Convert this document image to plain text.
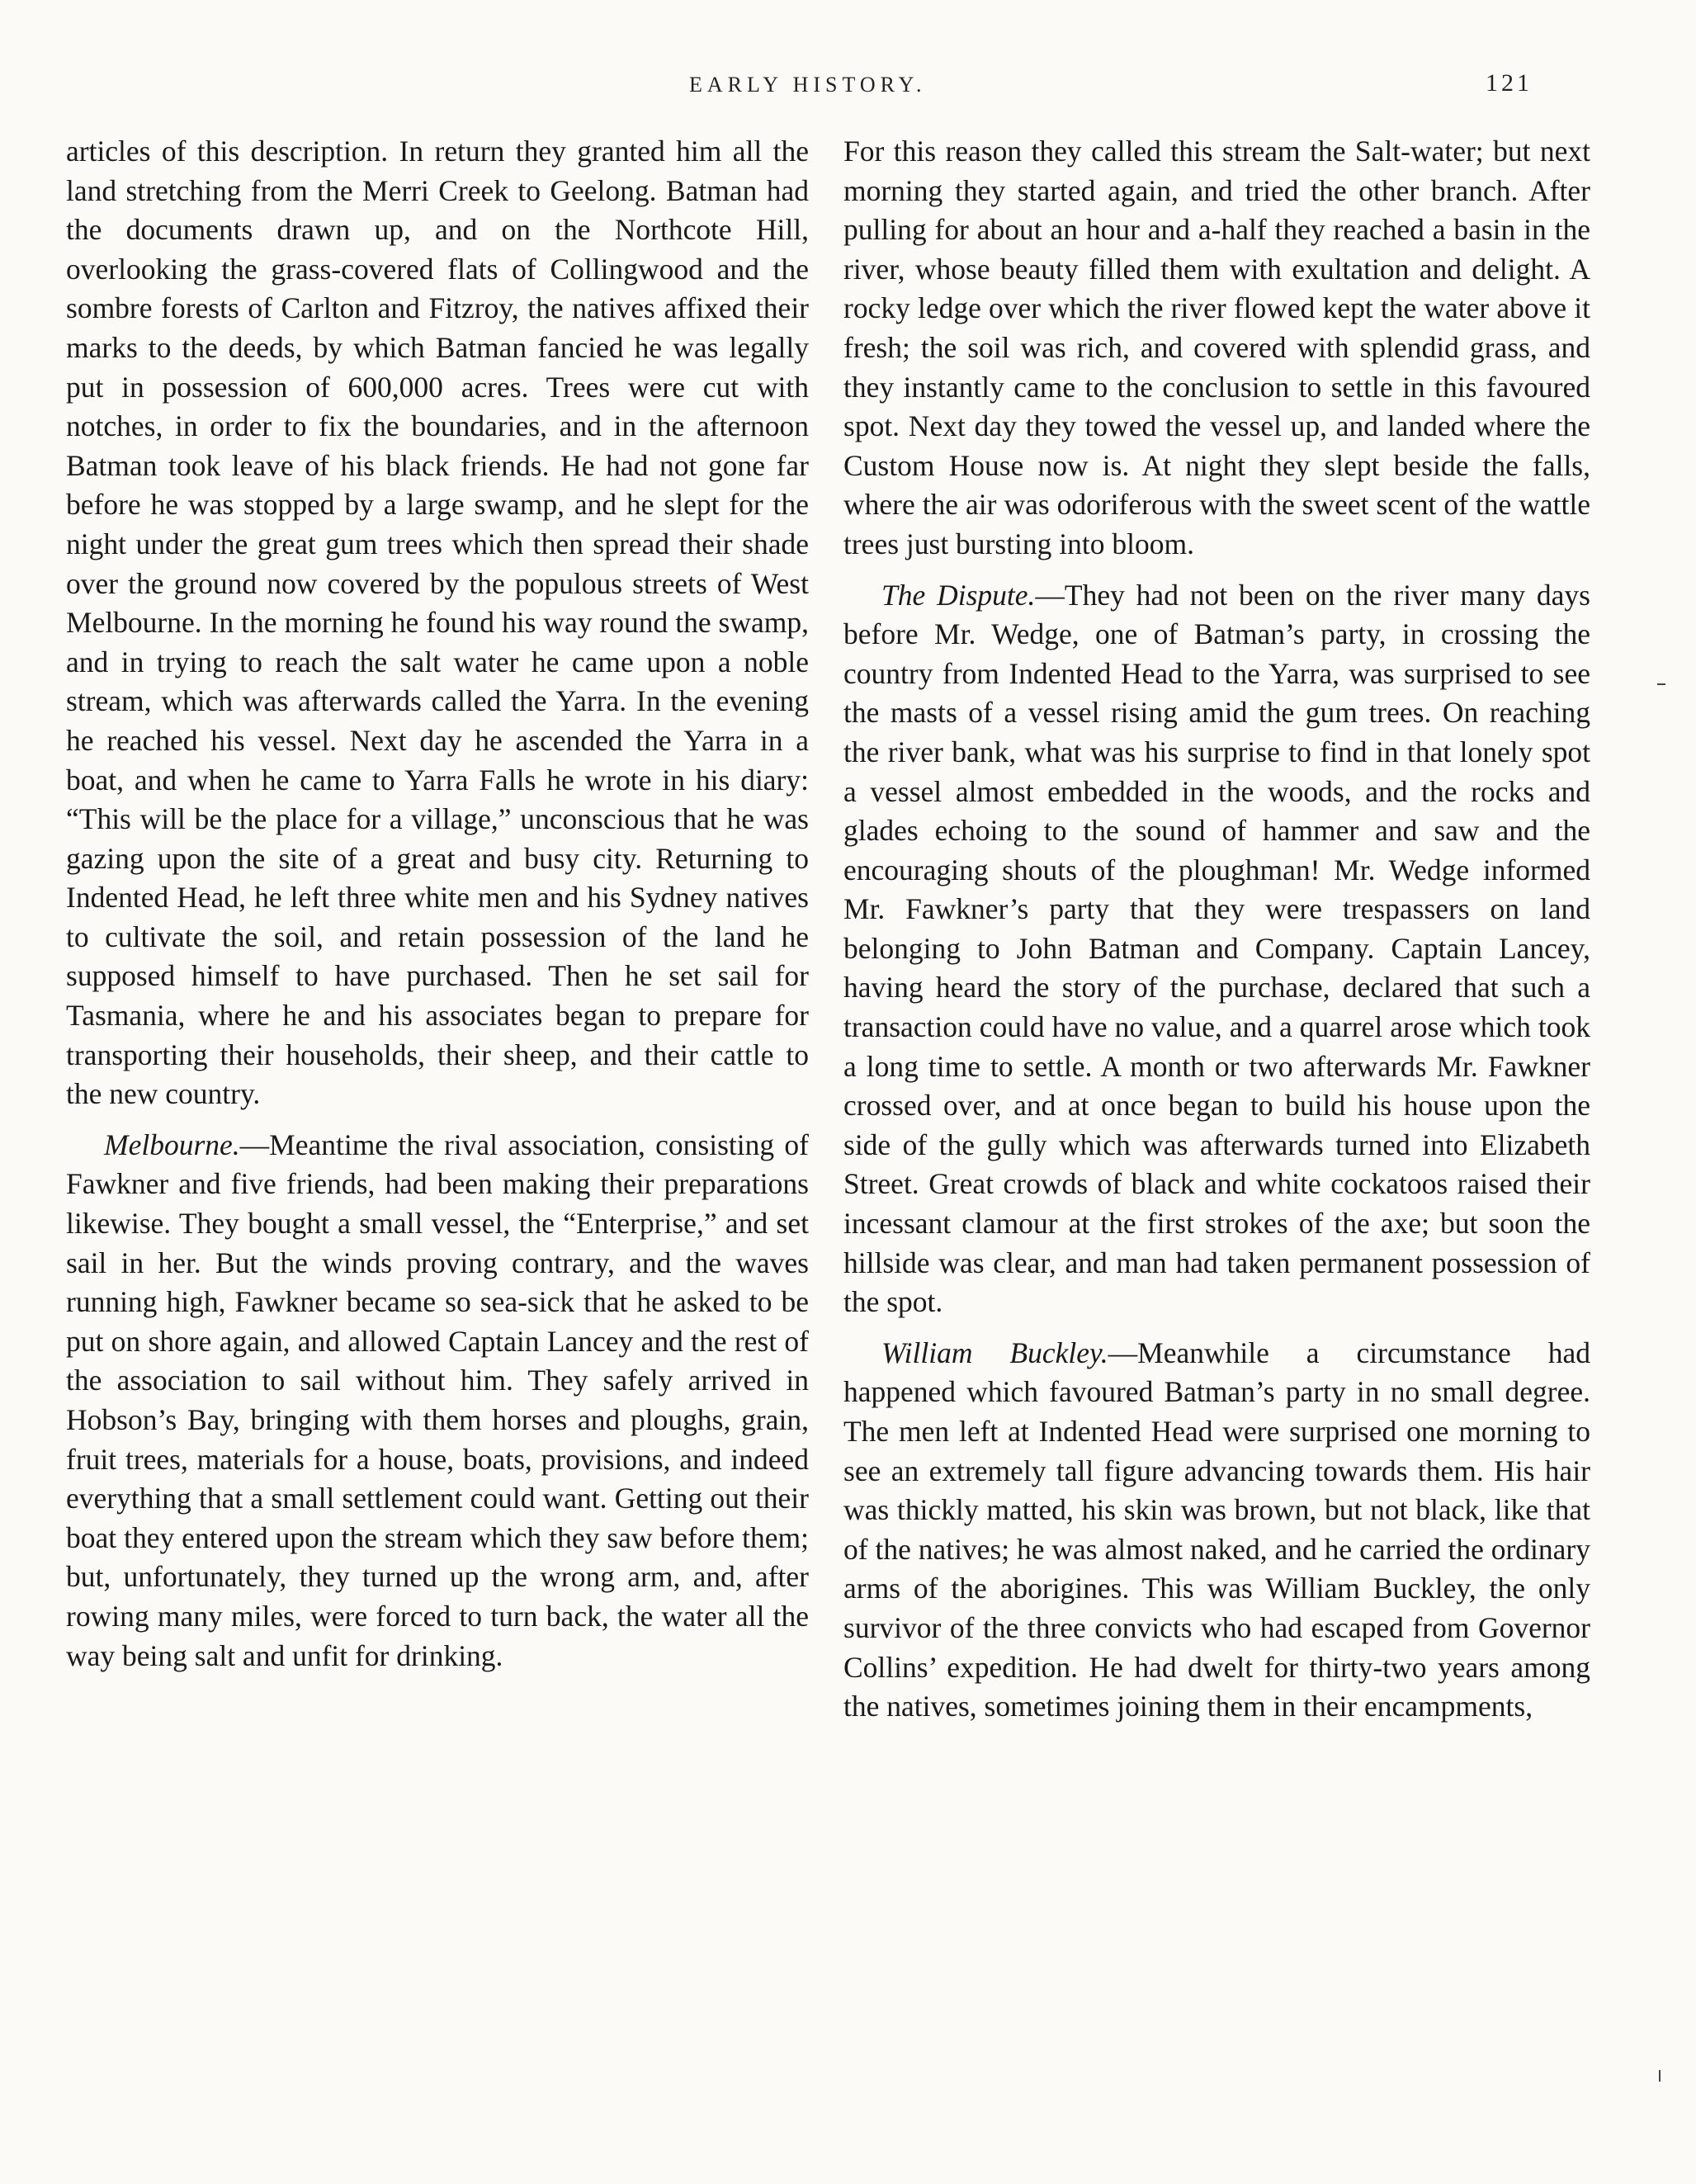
EARLY HISTORY.	121

articles of this description. In return they granted him all the land stretching from the Merri Creek to Geelong. Batman had the documents drawn up, and on the Northcote Hill, overlooking the grass-covered flats of Collingwood and the sombre forests of Carlton and Fitzroy, the natives affixed their marks to the deeds, by which Batman fancied he was legally put in possession of 600,000 acres. Trees were cut with notches, in order to fix the boundaries, and in the afternoon Batman took leave of his black friends. He had not gone far before he was stopped by a large swamp, and he slept for the night under the great gum trees which then spread their shade over the ground now covered by the populous streets of West Melbourne. In the morning he found his way round the swamp, and in trying to reach the salt water he came upon a noble stream, which was afterwards called the Yarra. In the evening he reached his vessel. Next day he ascended the Yarra in a boat, and when he came to Yarra Falls he wrote in his diary: “This will be the place for a village,” unconscious that he was gazing upon the site of a great and busy city. Returning to Indented Head, he left three white men and his Sydney natives to cultivate the soil, and retain possession of the land he supposed himself to have purchased. Then he set sail for Tasmania, where he and his associates began to prepare for transporting their households, their sheep, and their cattle to the new country.

Melbourne.—Meantime the rival association, consisting of Fawkner and five friends, had been making their preparations likewise. They bought a small vessel, the “Enterprise,” and set sail in her. But the winds proving contrary, and the waves running high, Fawkner became so sea-sick that he asked to be put on shore again, and allowed Captain Lancey and the rest of the association to sail without him. They safely arrived in Hobson’s Bay, bringing with them horses and ploughs, grain, fruit trees, materials for a house, boats, provisions, and indeed everything that a small settlement could want. Getting out their boat they entered upon the stream which they saw before them; but, unfortunately, they turned up the wrong arm, and, after rowing many miles, were forced to turn back, the water all the way being salt and unfit for drinking.

For this reason they called this stream the Salt-water; but next morning they started again, and tried the other branch. After pulling for about an hour and a-half they reached a basin in the river, whose beauty filled them with exultation and delight. A rocky ledge over which the river flowed kept the water above it fresh; the soil was rich, and covered with splendid grass, and they instantly came to the conclusion to settle in this favoured spot. Next day they towed the vessel up, and landed where the Custom House now is. At night they slept beside the falls, where the air was odoriferous with the sweet scent of the wattle trees just bursting into bloom.

The Dispute.—They had not been on the river many days before Mr. Wedge, one of Batman’s party, in crossing the country from Indented Head to the Yarra, was surprised to see the masts of a vessel rising amid the gum trees. On reaching the river bank, what was his surprise to find in that lonely spot a vessel almost embedded in the woods, and the rocks and glades echoing to the sound of hammer and saw and the encouraging shouts of the ploughman! Mr. Wedge informed Mr. Fawkner’s party that they were trespassers on land belonging to John Batman and Company. Captain Lancey, having heard the story of the purchase, declared that such a transaction could have no value, and a quarrel arose which took a long time to settle. A month or two afterwards Mr. Fawkner crossed over, and at once began to build his house upon the side of the gully which was afterwards turned into Elizabeth Street. Great crowds of black and white cockatoos raised their incessant clamour at the first strokes of the axe; but soon the hillside was clear, and man had taken permanent possession of the spot.

William Buckley.—Meanwhile a circumstance had happened which favoured Batman’s party in no small degree. The men left at Indented Head were surprised one morning to see an extremely tall figure advancing towards them. His hair was thickly matted, his skin was brown, but not black, like that of the natives; he was almost naked, and he carried the ordinary arms of the aborigines. This was William Buckley, the only survivor of the three convicts who had escaped from Governor Collins’ expedition. He had dwelt for thirty-two years among the natives, sometimes joining them in their encampments,
